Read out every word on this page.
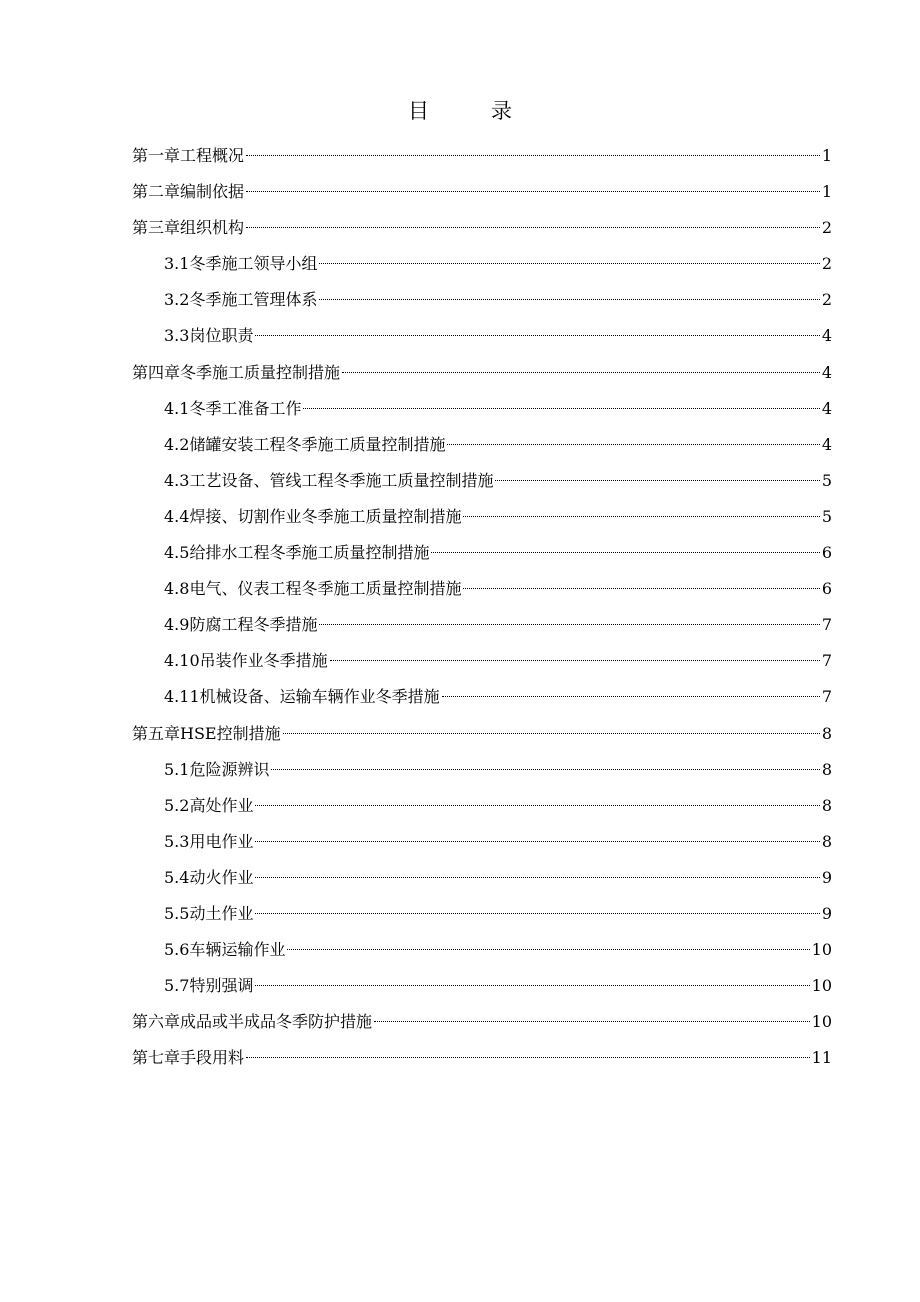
目录
第一章工程概况	1
第二章编制依据	1
第三章组织机构	2
3.1冬季施工领导小组	2
3.2冬季施工管理体系	2
3.3岗位职责	4
第四章冬季施工质量控制措施	4
4.1冬季工准备工作	4
4.2储罐安装工程冬季施工质量控制措施	4
4.3工艺设备、管线工程冬季施工质量控制措施	5
4.4焊接、切割作业冬季施工质量控制措施	5
4.5给排水工程冬季施工质量控制措施	6
4.8电气、仪表工程冬季施工质量控制措施	6
4.9防腐工程冬季措施	7
4.10吊装作业冬季措施	7
4.11机械设备、运输车辆作业冬季措施	7
第五章HSE控制措施	8
5.1危险源辨识	8
5.2高处作业	8
5.3用电作业	8
5.4动火作业	9
5.5动土作业	9
5.6车辆运输作业	10
5.7特别强调	10
第六章成品或半成品冬季防护措施	10
第七章手段用料	11
